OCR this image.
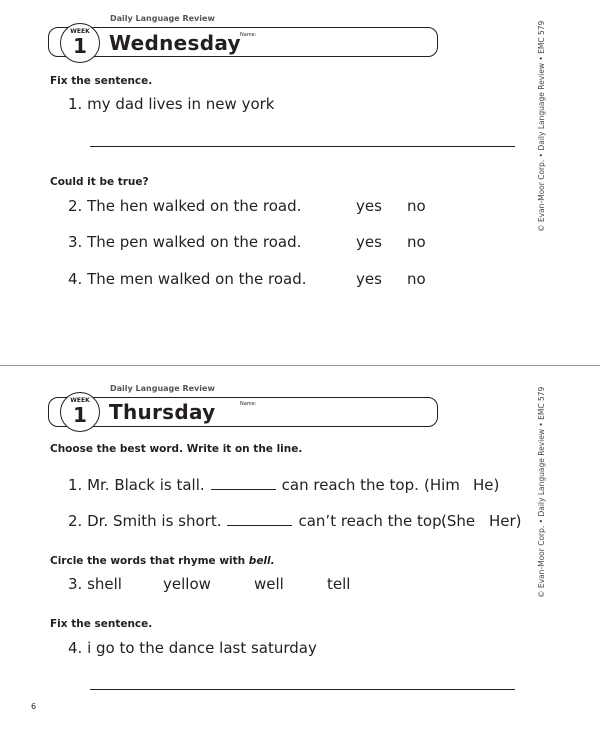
Daily Language Review
WEEK
1	Wednesday Name:
Fix the sentence.
1. my dad lives in new york
Could it be true?
2. The hen walked on the road.	yes no
3. The pen walked on the road.	yes no
4. The men walked on the road.	yes no
© Evan-Moor Corp. • Daily Language Review • EMC 579
Daily Language Review
WEEK
1	Thursday	Name:
Choose the best word. Write it on the line.
1. Mr. Black is tall.	can reach the top. (Him He)
2. Dr. Smith is short.	can’t reach the top.
(She Her)
Circle the words that rhyme with bell.
3. shell	yellow	well	tell
Fix the sentence.
4. i go to the dance last saturday
© Evan-Moor Corp. • Daily Language Review • EMC 579
6
